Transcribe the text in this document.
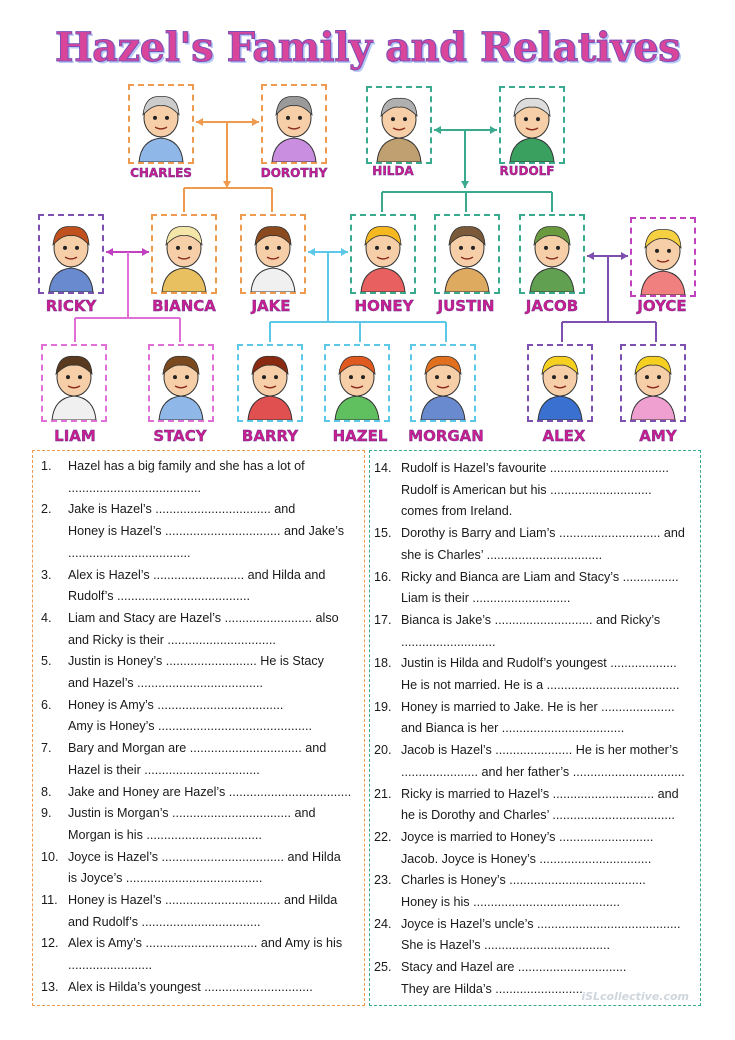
Hazel's Family and Relatives
CHARLES	DOROTHY	HILDA	RUDOLF
RICKY	BIANCA	JAKE	HONEY	JUSTIN	JACOB	JOYCE
LIAM	STACY	BARRY	HAZEL	MORGAN	ALEX	AMY
1. Hazel has a big family and she has a lot of
......................................
2. Jake is Hazel’s ................................. and
Honey is Hazel’s ................................. and Jake’s
...................................
3. Alex is Hazel’s .......................... and Hilda and
Rudolf’s ......................................
4. Liam and Stacy are Hazel’s ......................... also
and Ricky is their ...............................
5. Justin is Honey’s .......................... He is Stacy
and Hazel’s ....................................
6. Honey is Amy’s ....................................
Amy is Honey’s ............................................
7. Bary and Morgan are ................................ and
Hazel is their .................................
8. Jake and Honey are Hazel’s ...................................
9. Justin is Morgan’s .................................. and
Morgan is his .................................
10. Joyce is Hazel’s ................................... and Hilda
is Joyce’s .......................................
11. Honey is Hazel’s ................................. and Hilda
and Rudolf’s ..................................
12. Alex is Amy’s ................................ and Amy is his
........................
13. Alex is Hilda’s youngest ...............................
14. Rudolf is Hazel’s favourite ..................................
Rudolf is American but his .............................
comes from Ireland.
15. Dorothy is Barry and Liam’s ............................. and
she is Charles’ .................................
16. Ricky and Bianca are Liam and Stacy’s ................
Liam is their ............................
17. Bianca is Jake’s ............................ and Ricky’s
...........................
18. Justin is Hilda and Rudolf’s youngest ...................
He is not married. He is a ......................................
19. Honey is married to Jake. He is her .....................
and Bianca is her ...................................
20. Jacob is Hazel’s ...................... He is her mother’s
...................... and her father’s ................................
21. Ricky is married to Hazel’s ............................. and
he is Dorothy and Charles’ ...................................
22. Joyce is married to Honey’s ...........................
Jacob. Joyce is Honey’s ................................
23. Charles is Honey’s .......................................
Honey is his ..........................................
24. Joyce is Hazel’s uncle’s .........................................
She is Hazel’s ....................................
25. Stacy and Hazel are ...............................
They are Hilda’s .........................
iSLcollective.com
